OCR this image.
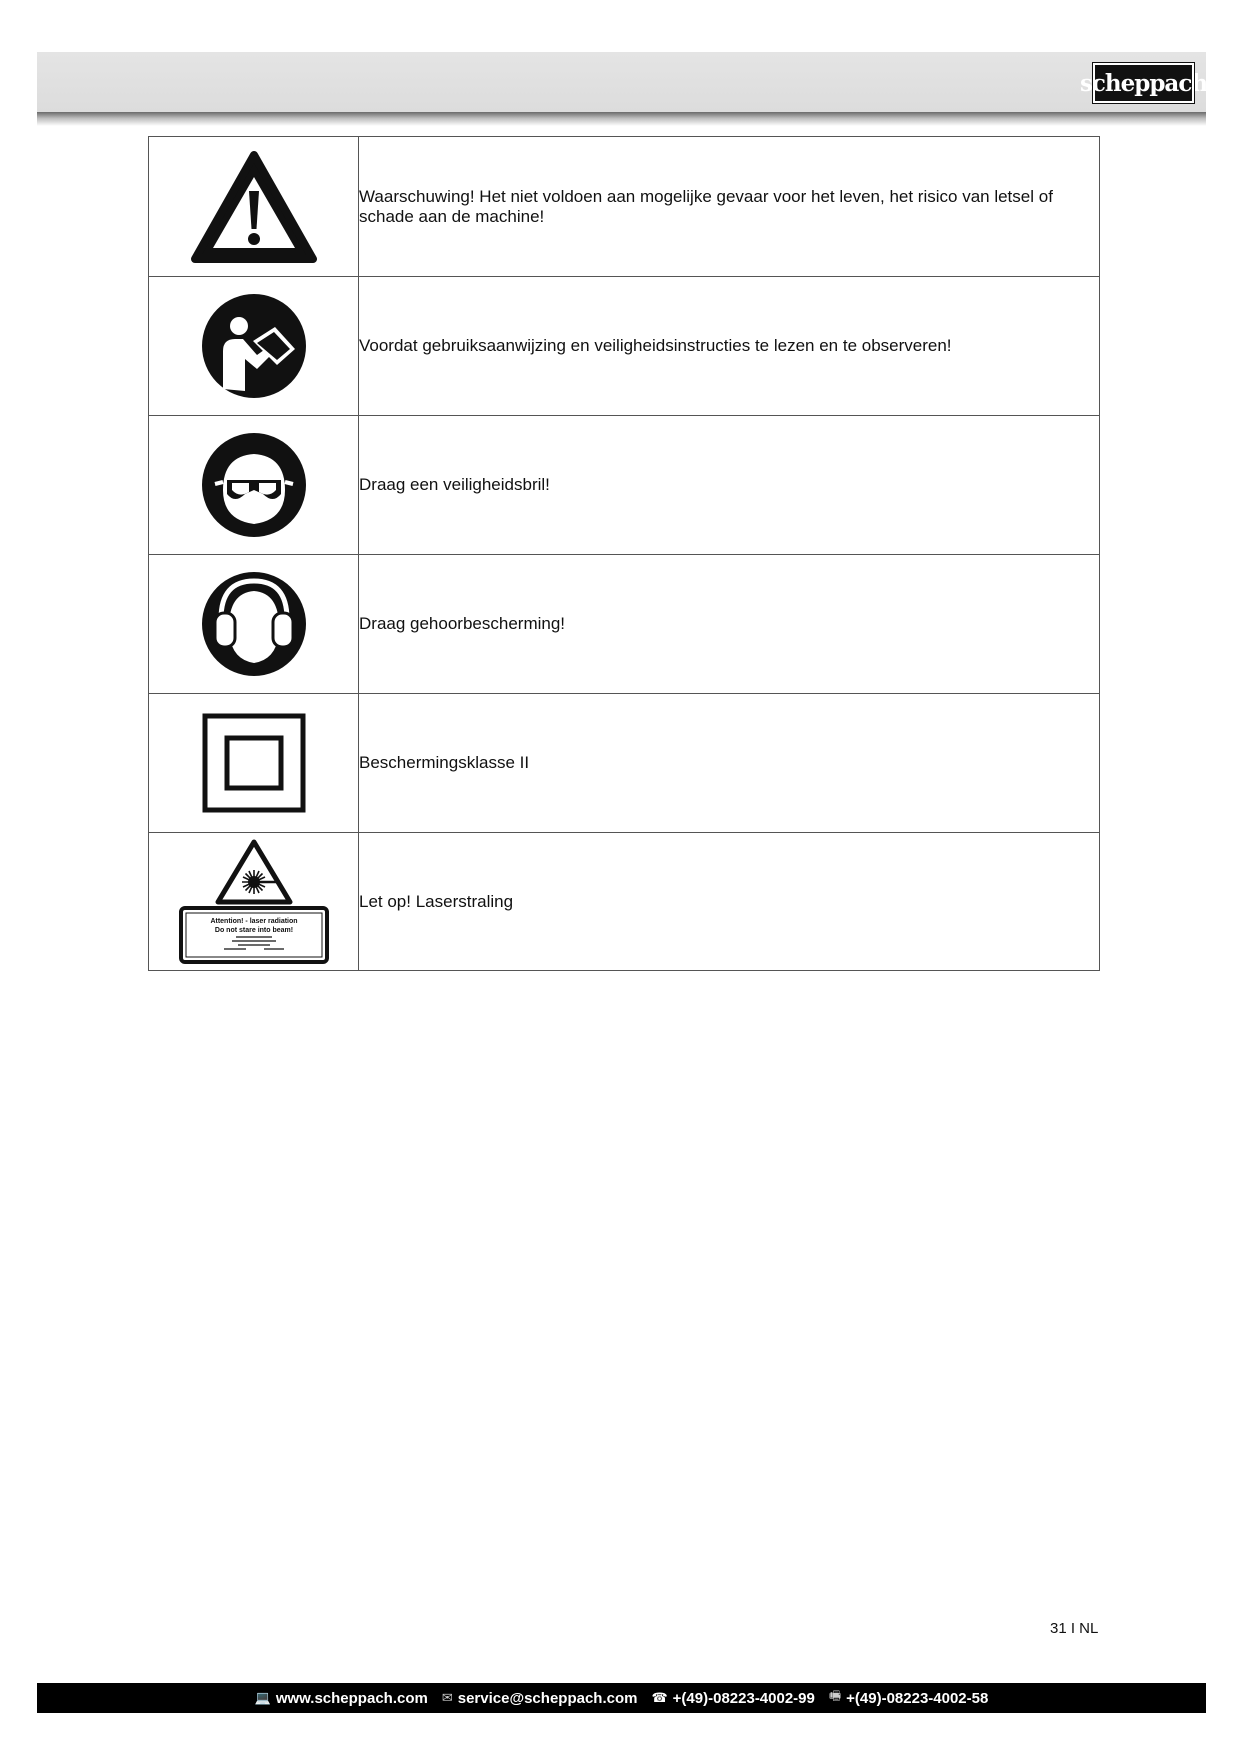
scheppach
	Waarschuwing! Het niet voldoen aan mogelijke gevaar voor het leven, het risico van letsel of schade aan de machine!

	Voordat gebruiksaanwijzing en veiligheidsinstructies te lezen en te observeren!

	Draag een veiligheidsbril!

	Draag gehoorbescherming!

	Beschermingsklasse II

Attention! - laser radiation
Do not stare into beam!	Let op! Laserstraling
31 I NL
💻 www.scheppach.com ✉ service@scheppach.com ☎ +(49)-08223-4002-99 🖷 +(49)-08223-4002-58
